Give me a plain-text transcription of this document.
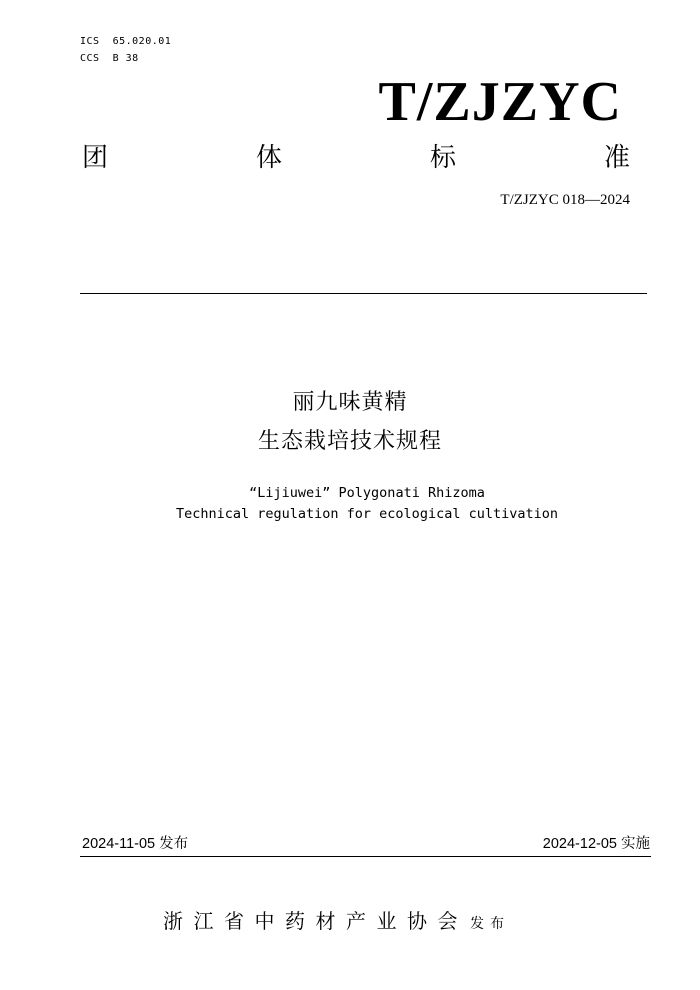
ICS  65.020.01
CCS  B 38
T/ZJZYC
团	体	标	准
T/ZJZYC 018—2024
丽九味黄精
生态栽培技术规程
“Lijiuwei” Polygonati Rhizoma
Technical regulation for ecological cultivation
2024-11-05 发布	2024-12-05 实施
浙江省中药材产业协会 发布
